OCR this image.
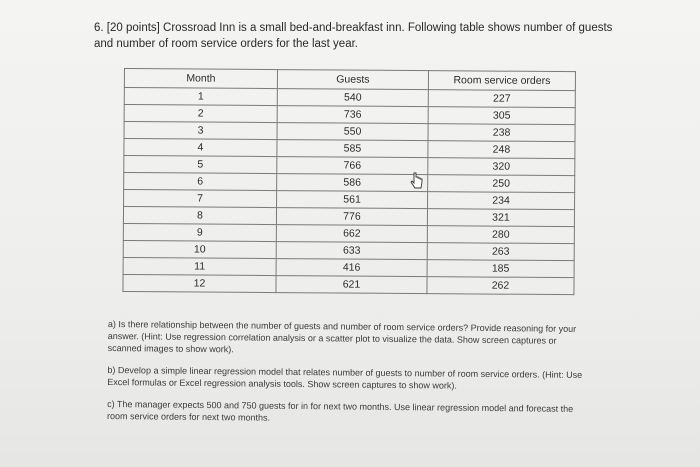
6. [20 points] Crossroad Inn is a small bed-and-breakfast inn. Following table shows number of guests and number of room service orders for the last year.
Month	Guests	Room service orders
1	540	227
2	736	305
3	550	238
4	585	248
5	766	320
6	586	250
7	561	234
8	776	321
9	662	280
10	633	263
11	416	185
12	621	262

a) Is there relationship between the number of guests and number of room service orders? Provide reasoning for your answer. (Hint: Use regression correlation analysis or a scatter plot to visualize the data. Show screen captures or scanned images to show work).

b) Develop a simple linear regression model that relates number of guests to number of room service orders. (Hint: Use Excel formulas or Excel regression analysis tools. Show screen captures to show work).

c) The manager expects 500 and 750 guests for in for next two months. Use linear regression model and forecast the room service orders for next two months.
